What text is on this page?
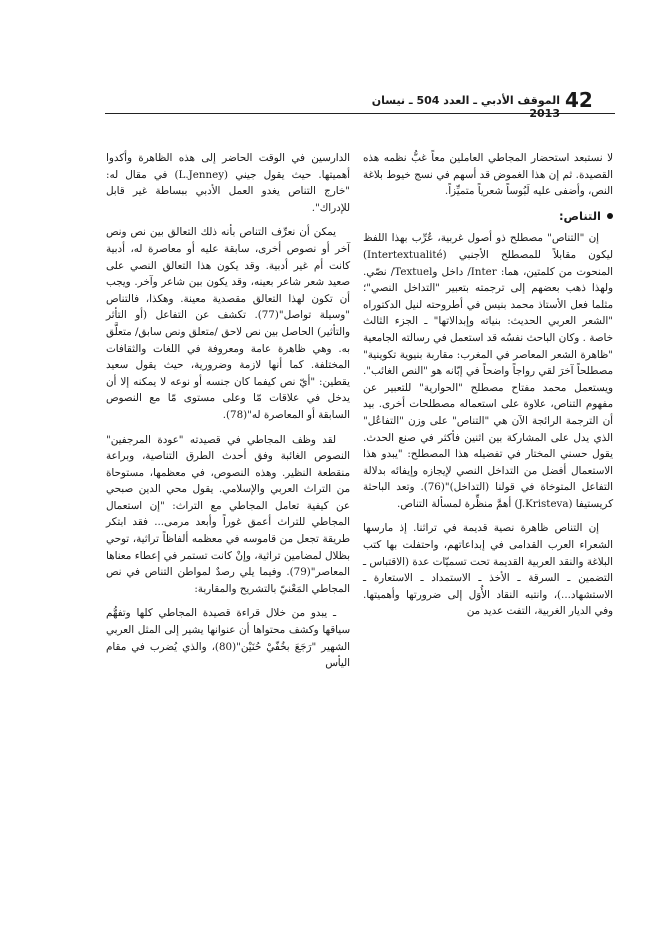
42
الموقف الأدبي ـ العدد 504 ـ نيسان 2013

لا نستبعد استحضار المجاطي العاملين معاً غبُّ نظمه هذه القصيدة. ثم إن هذا الغموض قد أسهم في نسج خيوط بلاغة النص، وأضفى عليه لَبُوساً شعرياً متميِّزاً.

التناص:

إن "التناص" مصطلح ذو أصول غربية، عُرِّب بهذا اللفظ ليكون مقابلاً للمصطلح الأجنبي (Intertextualité) المنحوت من كلمتين، هما: Inter/ داخل وTextuel/ نصّي. ولهذا ذهب بعضهم إلى ترجمته بتعبير "التداخل النصي"؛ مثلما فعل الأستاذ محمد بنيس في أطروحته لنيل الدكتوراه "الشعر العربي الحديث: بنياته وإبدالاتها" ـ الجزء الثالث خاصة . وكان الباحث نفسُه قد استعمل في رسالته الجامعية "ظاهرة الشعر المعاصر في المغرب: مقاربة بنيوية تكوينية" مصطلحاً آخرَ لقي رواجاً واضحاً في إبّانه هو "النص الغائب". ويستعمل محمد مفتاح مصطلح "الحوارية" للتعبير عن مفهوم التناص، علاوة على استعماله مصطلحات أخرى. بيد أن الترجمة الرائجة الآن هي "التناص" على وزن "التفاعُل" الذي يدل على المشاركة بين اثنين فأكثر في صنع الحدث. يقول حسني المختار في تفضيله هذا المصطلح: "يبدو هذا الاستعمال أفضل من التداخل النصي لإيجازه وإيفائه بدلالة التفاعل المتوخاة في قولنا (التداخل)"(76). وتعد الباحثة كريستيفا (J.Kristeva) أهمَّ منظِّرة لمسألة التناص.

إن التناص ظاهرة نصية قديمة في تراثنا. إذ مارسها الشعراء العرب القدامى في إبداعاتهم، واحتفلت بها كتب البلاغة والنقد العربية القديمة تحت تسميّات عدة (الاقتباس ـ التضمين ـ السرقة ـ الأخذ ـ الاستمداد ـ الاستعارة ـ الاستشهاد...)، وانتبه النقاد الأُوَل إلى ضرورتها وأهميتها. وفي الديار الغربية، التفت عديد من

الدارسين في الوقت الحاضر إلى هذه الظاهرة وأكدوا أهميتها. حيث يقول جيني (L.Jenney) في مقال له: "خارج التناص يغدو العمل الأدبي ببساطة غير قابل للإدراك".

يمكن أن نعرِّف التناص بأنه ذلك التعالق بين نص ونص آخر أو نصوص أخرى، سابقة عليه أو معاصرة له، أدبية كانت أم غير أدبية. وقد يكون هذا التعالق النصي على صعيد شعر شاعر بعينه، وقد يكون بين شاعر وآخر. ويجب أن تكون لهذا التعالق مقصدية معينة. وهكذا، فالتناص "وسيلة تواصل"(77). تكشف عن التفاعل (أو التأثر والتأثير) الحاصل بين نص لاحق /متعلق ونص سابق/ متعلَّق به. وهي ظاهرة عامة ومعروفة في اللغات والثقافات المختلفة. كما أنها لازمة وضرورية، حيث يقول سعيد يقطين: "أيّ نص كيفما كان جنسه أو نوعه لا يمكنه إلا أن يدخل في علاقات مّا وعلى مستوى مّا مع النصوص السابقة أو المعاصرة له"(78).

لقد وظف المجاطي في قصيدته "عودة المرجفين" النصوص الغائبة وفق أحدث الطرق التناصية، وبراعة منقطعة النظير. وهذه النصوص، في معظمها، مستوحاة من التراث العربي والإسلامي. يقول محي الدين صبحي عن كيفية تعامل المجاطي مع التراث: "إن استعمال المجاطي للتراث أعمق غوراً وأبعد مرمى... فقد ابتكر طريقة تجعل من قاموسه في معظمه ألفاظاً تراثية، توحي بظلال لمضامين تراثية، وإنْ كانت تستمر في إعطاء معناها المعاصر"(79). وفيما يلي رصدٌ لمواطن التناص في نص المجاطي المَعْنيّ بالتشريح والمقاربة:

ـ يبدو من خلال قراءة قصيدة المجاطي كلها وتفهُّم سياقها وكشف محتواها أن عنوانها يشير إلى المثل العربي الشهير "رَجَعَ بخُفّيْ حُنَيْن"(80)، والذي يُضرب في مقام اليأس
